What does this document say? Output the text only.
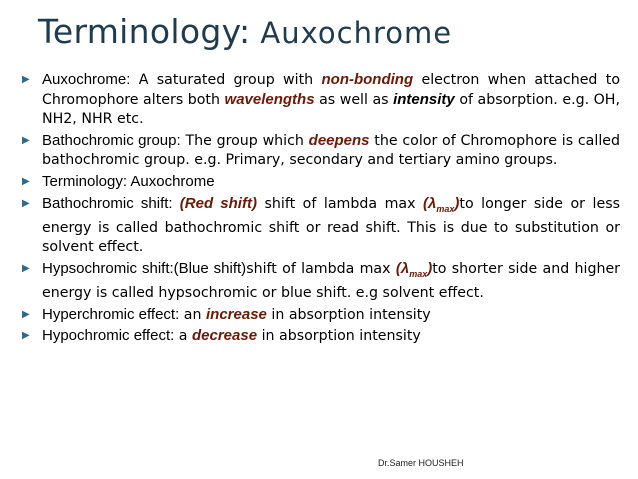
Terminology: Auxochrome
▶ Auxochrome: A saturated group with non-bonding electron when attached to Chromophore alters both wavelengths as well as intensity of absorption. e.g. OH, NH2, NHR etc.
▶ Bathochromic group: The group which deepens the color of Chromophore is called bathochromic group. e.g. Primary, secondary and tertiary amino groups.
▶ Terminology: Auxochrome
▶ Bathochromic shift: (Red shift) shift of lambda $\max (\lambda_{max})to$ longer side or less energy is called bathochromic shift or read shift. This is due to substitution or solvent effect.
▶ Hypsochromic shift:(Blue shift)shift of lambda $\max (\lambda_{max})to$ shorter side and higher energy is called hypsochromic or blue shift. e.g solvent effect.
▶ Hyperchromic effect: an increase in absorption intensity
▶ Hypochromic effect: a decrease in absorption intensity
Dr.Samer HOUSHEH
